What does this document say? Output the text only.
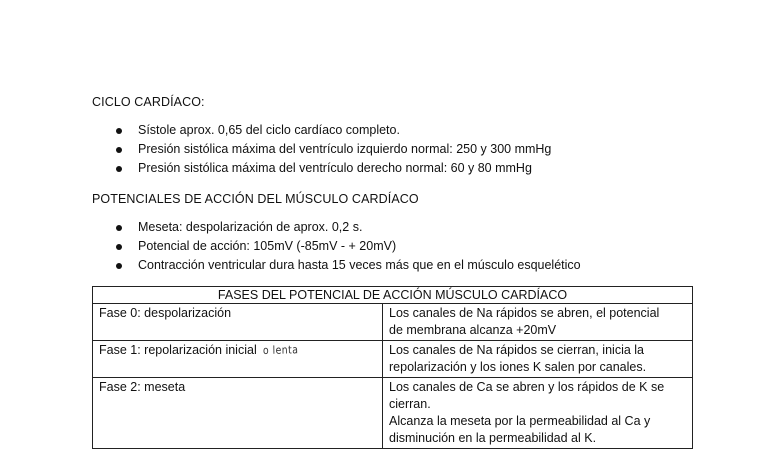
CICLO CARDÍACO:
Sístole aprox. 0,65 del ciclo cardíaco completo.
Presión sistólica máxima del ventrículo izquierdo normal: 250 y 300 mmHg
Presión sistólica máxima del ventrículo derecho normal: 60 y 80 mmHg
POTENCIALES DE ACCIÓN DEL MÚSCULO CARDÍACO
Meseta: despolarización de aprox. 0,2 s.
Potencial de acción: 105mV (-85mV - + 20mV)
Contracción ventricular dura hasta 15 veces más que en el músculo esquelético
FASES DEL POTENCIAL DE ACCIÓN MÚSCULO CARDÍACO	
Fase 0: despolarización	Los canales de Na rápidos se abren, el potencial
de membrana alcanza +20mV

Fase 1: repolarización inicial o lenta	Los canales de Na rápidos se cierran, inicia la
repolarización y los iones K salen por canales.

Fase 2: meseta	Los canales de Ca se abren y los rápidos de K se
cierran.
Alcanza la meseta por la permeabilidad al Ca y
disminución en la permeabilidad al K.
